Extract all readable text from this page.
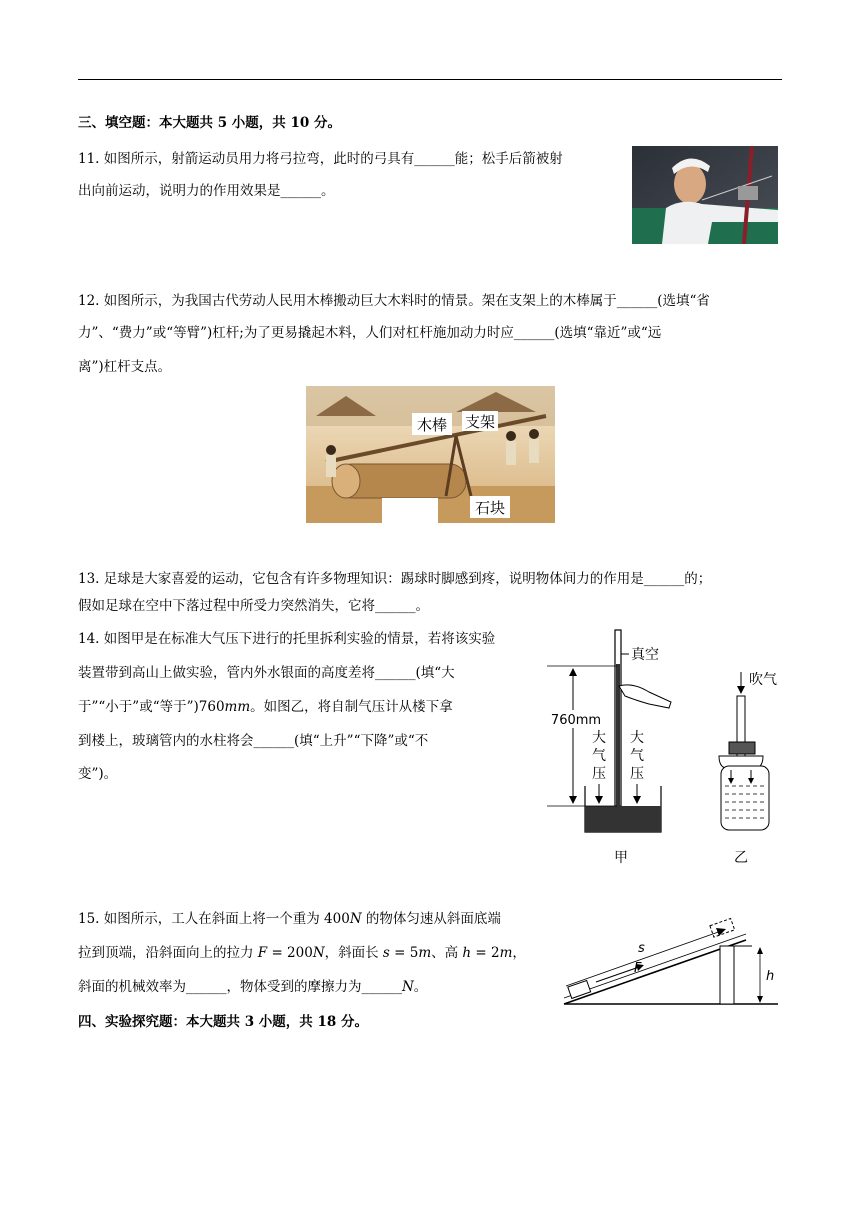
三、填空题：本大题共 5 小题，共 10 分。
11. 如图所示，射箭运动员用力将弓拉弯，此时的弓具有______能；松手后箭被射
出向前运动，说明力的作用效果是______。
12. 如图所示，为我国古代劳动人民用木棒搬动巨大木料时的情景。架在支架上的木棒属于______(选填“省
力”、“费力”或“等臂”)杠杆;为了更易撬起木料，人们对杠杆施加动力时应______(选填“靠近”或“远
离”)杠杆支点。
木棒 支架
石块
13. 足球是大家喜爱的运动，它包含有许多物理知识：踢球时脚感到疼，说明物体间力的作用是______的；
假如足球在空中下落过程中所受力突然消失，它将______。
14. 如图甲是在标准大气压下进行的托里拆利实验的情景，若将该实验
装置带到高山上做实验，管内外水银面的高度差将______(填“大
于”“小于”或“等于”)760𝑚𝑚。如图乙，将自制气压计从楼下拿
到楼上，玻璃管内的水柱将会______(填“上升”“下降”或“不
变”)。
真空
760mm
大
气
压
大
气
压
甲
吹气
乙
15. 如图所示，工人在斜面上将一个重为 400𝑁 的物体匀速从斜面底端
拉到顶端，沿斜面向上的拉力 𝐹 = 200𝑁，斜面长 𝑠 = 5𝑚、高 ℎ = 2𝑚，
斜面的机械效率为______，物体受到的摩擦力为______𝑁。
s
F
h
四、实验探究题：本大题共 3 小题，共 18 分。
